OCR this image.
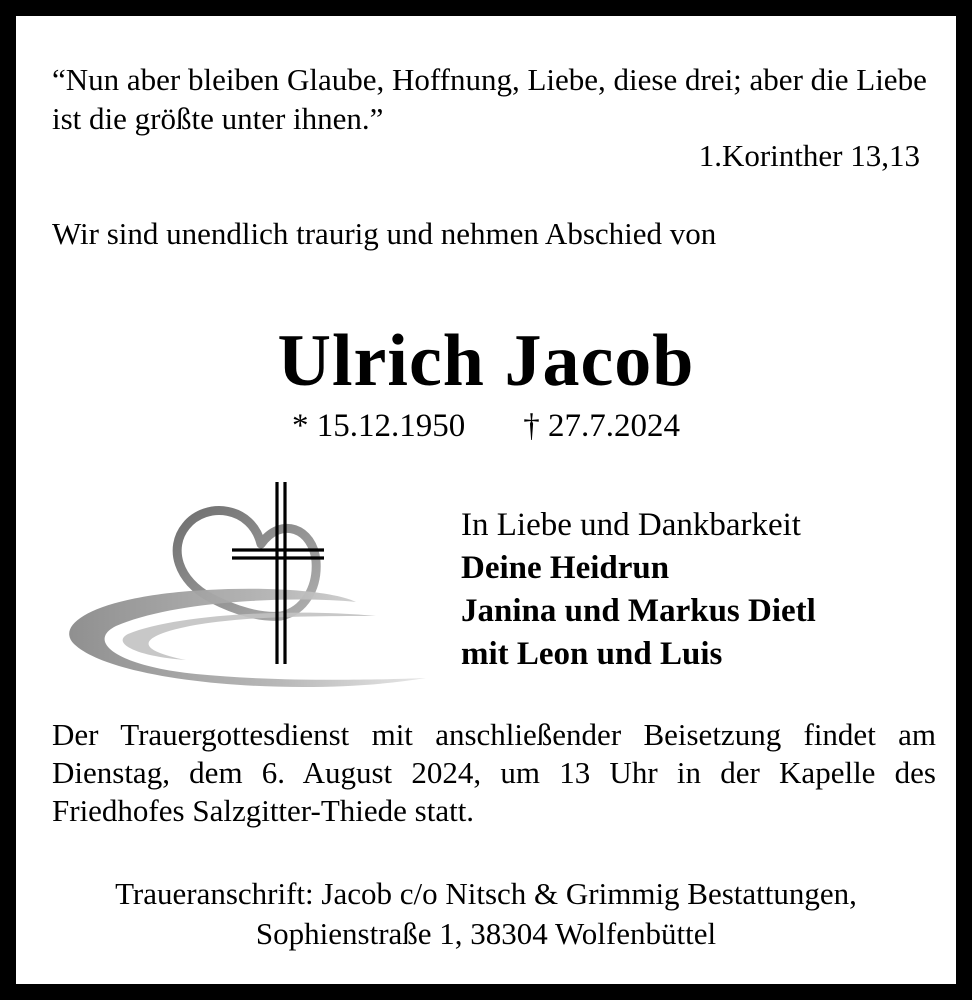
“Nun aber bleiben Glaube, Hoffnung, Liebe, diese drei; aber die Liebe ist die größte unter ihnen.”

1.Korinther 13,13

Wir sind unendlich traurig und nehmen Abschied von

Ulrich Jacob

* 15.12.1950 † 27.7.2024

In Liebe und Dankbarkeit
Deine Heidrun
Janina und Markus Dietl
mit Leon und Luis

Der Trauergottesdienst mit anschließender Beisetzung findet am Dienstag, dem 6. August 2024, um 13 Uhr in der Kapelle des Friedhofes Salzgitter-Thiede statt.

Traueranschrift: Jacob c/o Nitsch & Grimmig Bestattungen,
Sophienstraße 1, 38304 Wolfenbüttel
